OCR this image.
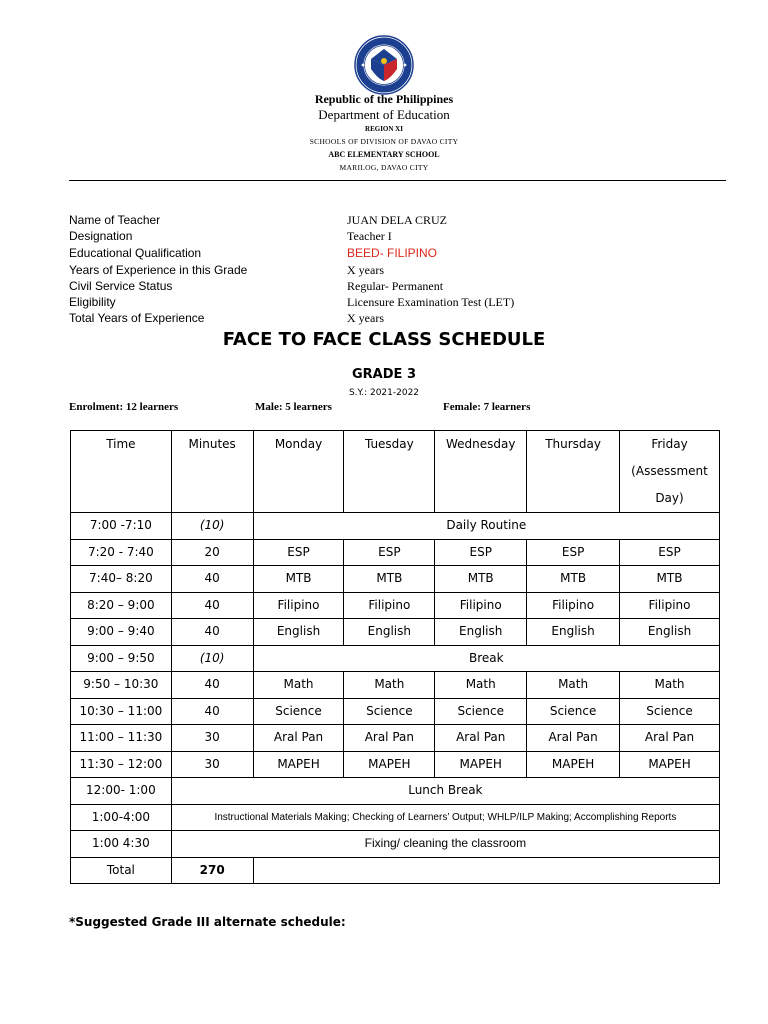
Republic of the Philippines
Department of Education
REGION XI
SCHOOLS OF DIVISION OF DAVAO CITY
ABC ELEMENTARY SCHOOL
MARILOG, DAVAO CITY
Name of Teacher	JUAN DELA CRUZ
Designation	Teacher I
Educational Qualification	BEED- FILIPINO
Years of Experience in this Grade	X years
Civil Service Status	Regular- Permanent
Eligibility	Licensure Examination Test (LET)
Total Years of Experience	X years
FACE TO FACE CLASS SCHEDULE
GRADE 3
S.Y.: 2021-2022
Enrolment: 12 learners	Male: 5 learners	Female: 7 learners
Time	Minutes	Monday	Tuesday	Wednesday	Thursday	Friday
(Assessment
Day)

7:00 -7:10	(10)	Daily Routine				
7:20 - 7:40	20	ESP	ESP	ESP	ESP	ESP
7:40– 8:20	40	MTB	MTB	MTB	MTB	MTB
8:20 – 9:00	40	Filipino	Filipino	Filipino	Filipino	Filipino
9:00 – 9:40	40	English	English	English	English	English
9:00 – 9:50	(10)	Break				
9:50 – 10:30	40	Math	Math	Math	Math	Math
10:30 – 11:00	40	Science	Science	Science	Science	Science
11:00 – 11:30	30	Aral Pan	Aral Pan	Aral Pan	Aral Pan	Aral Pan
11:30 – 12:00	30	MAPEH	MAPEH	MAPEH	MAPEH	MAPEH
12:00- 1:00	Lunch Break					
1:00-4:00	Instructional Materials Making; Checking of Learners’ Output; WHLP/ILP Making; Accomplishing Reports					
1:00 4:30	Fixing/ cleaning the classroom					
Total	270					
*Suggested Grade III alternate schedule:
